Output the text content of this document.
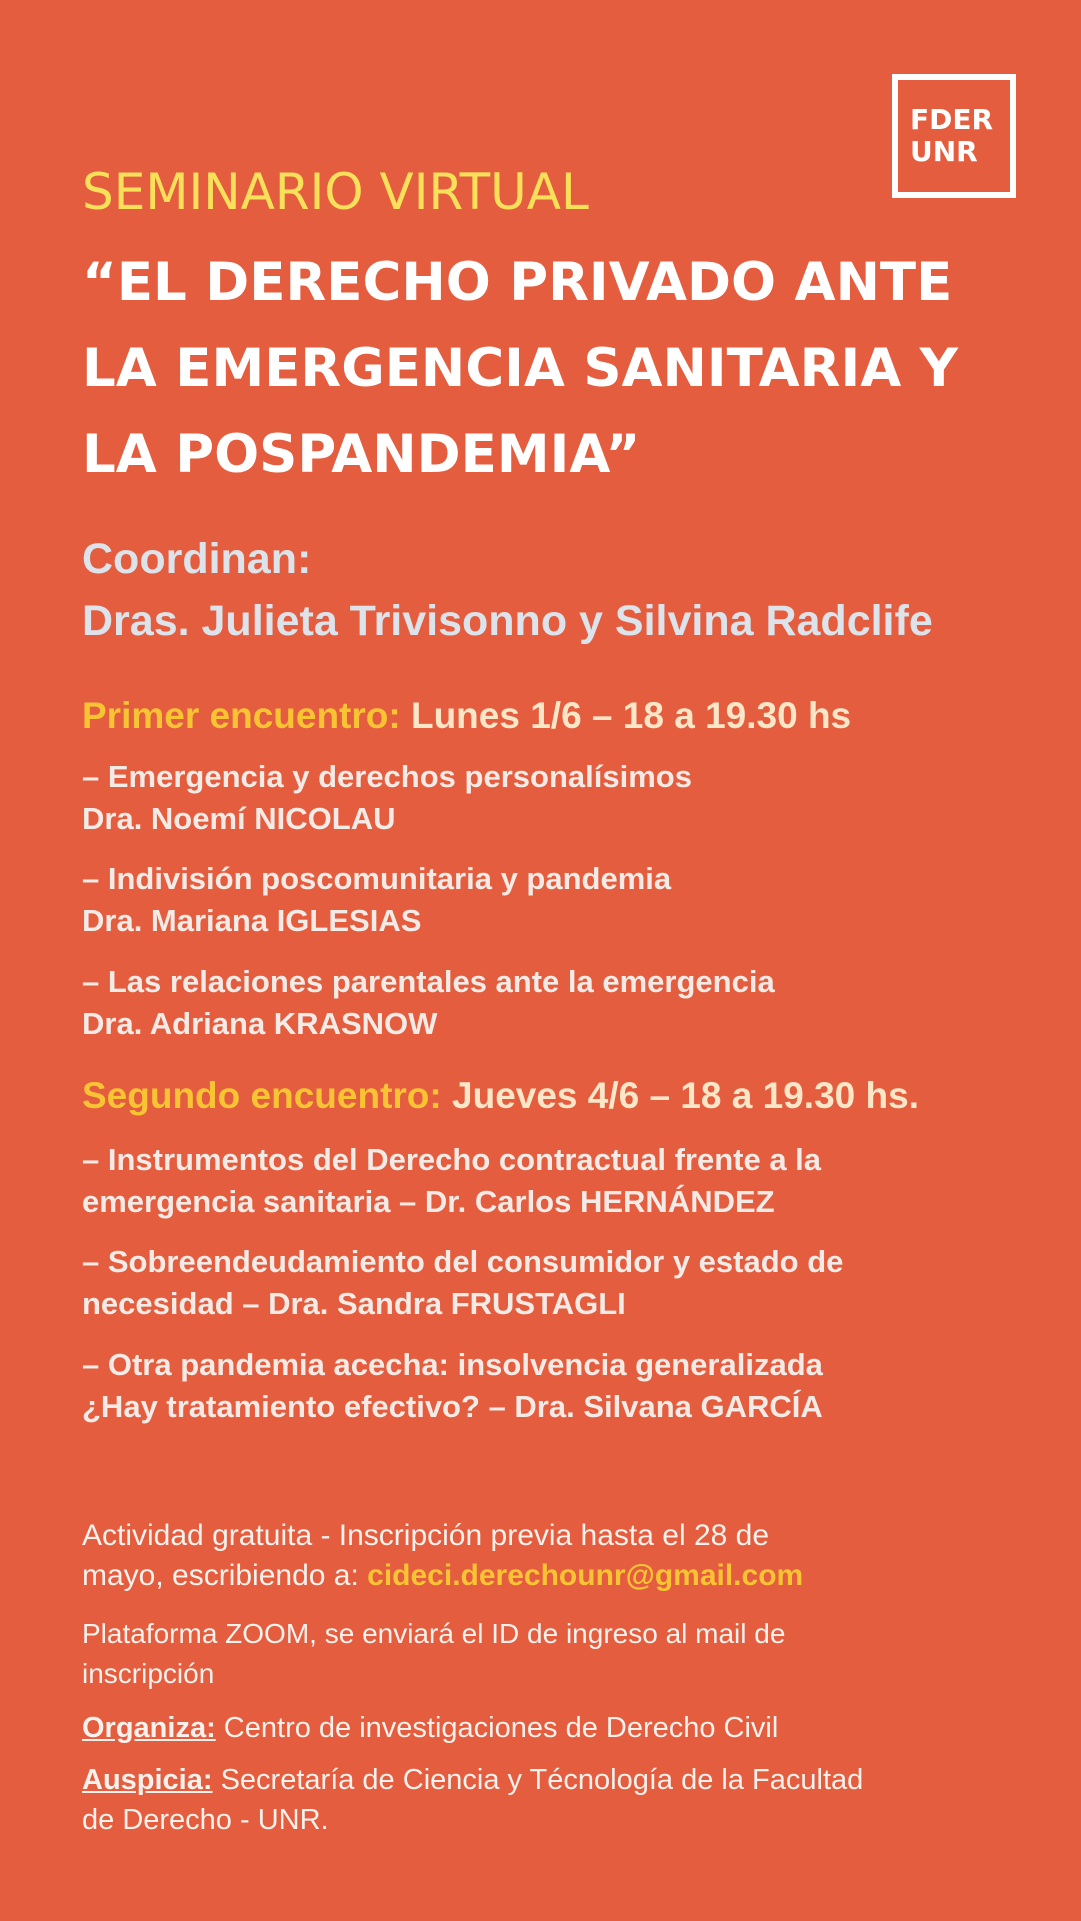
FDER
UNR
SEMINARIO VIRTUAL
“EL DERECHO PRIVADO ANTE
LA EMERGENCIA SANITARIA Y
LA POSPANDEMIA”
Coordinan:
Dras. Julieta Trivisonno y Silvina Radclife
Primer encuentro: Lunes 1/6 – 18 a 19.30 hs
– Emergencia y derechos personalísimos
Dra. Noemí NICOLAU
– Indivisión poscomunitaria y pandemia
Dra. Mariana IGLESIAS
– Las relaciones parentales ante la emergencia
Dra. Adriana KRASNOW
Segundo encuentro: Jueves 4/6 – 18 a 19.30 hs.
– Instrumentos del Derecho contractual frente a la
emergencia sanitaria – Dr. Carlos HERNÁNDEZ
– Sobreendeudamiento del consumidor y estado de
necesidad – Dra. Sandra FRUSTAGLI
– Otra pandemia acecha: insolvencia generalizada
¿Hay tratamiento efectivo? – Dra. Silvana GARCÍA
Actividad gratuita - Inscripción previa hasta el 28 de
mayo, escribiendo a: cideci.derechounr@gmail.com
Plataforma ZOOM, se enviará el ID de ingreso al mail de
inscripción
Organiza: Centro de investigaciones de Derecho Civil
Auspicia: Secretaría de Ciencia y Técnología de la Facultad
de Derecho - UNR.
